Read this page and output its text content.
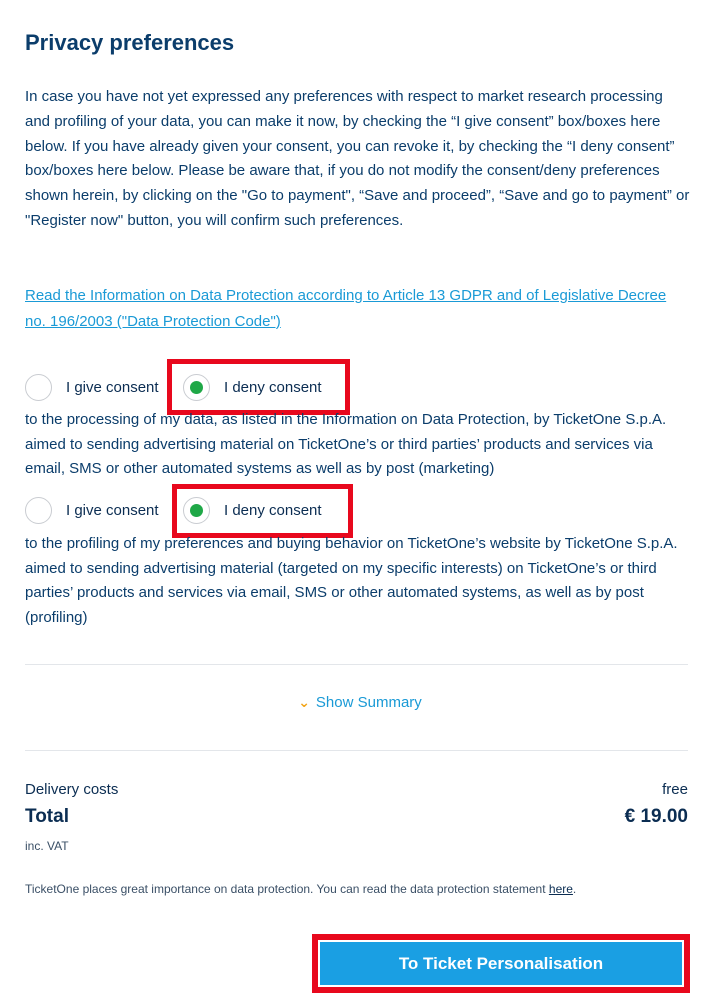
Privacy preferences
In case you have not yet expressed any preferences with respect to market research processing and profiling of your data, you can make it now, by checking the “I give consent” box/boxes here below. If you have already given your consent, you can revoke it, by checking the “I deny consent” box/boxes here below. Please be aware that, if you do not modify the consent/deny preferences shown herein, by clicking on the "Go to payment", “Save and proceed”, “Save and go to payment” or "Register now" button, you will confirm such preferences.
Read the Information on Data Protection according to Article 13 GDPR and of Legislative Decree no. 196/2003 ("Data Protection Code")
I give consent	I deny consent
to the processing of my data, as listed in the Information on Data Protection, by TicketOne S.p.A. aimed to sending advertising material on TicketOne’s or third parties’ products and services via email, SMS or other automated systems as well as by post (marketing)
I give consent	I deny consent
to the profiling of my preferences and buying behavior on TicketOne’s website by TicketOne S.p.A. aimed to sending advertising material (targeted on my specific interests) on TicketOne’s or third parties’ products and services via email, SMS or other automated systems, as well as by post (profiling)
⌄ Show Summary
Delivery costs	free
Total	€ 19.00
inc. VAT
TicketOne places great importance on data protection. You can read the data protection statement here.
To Ticket Personalisation
